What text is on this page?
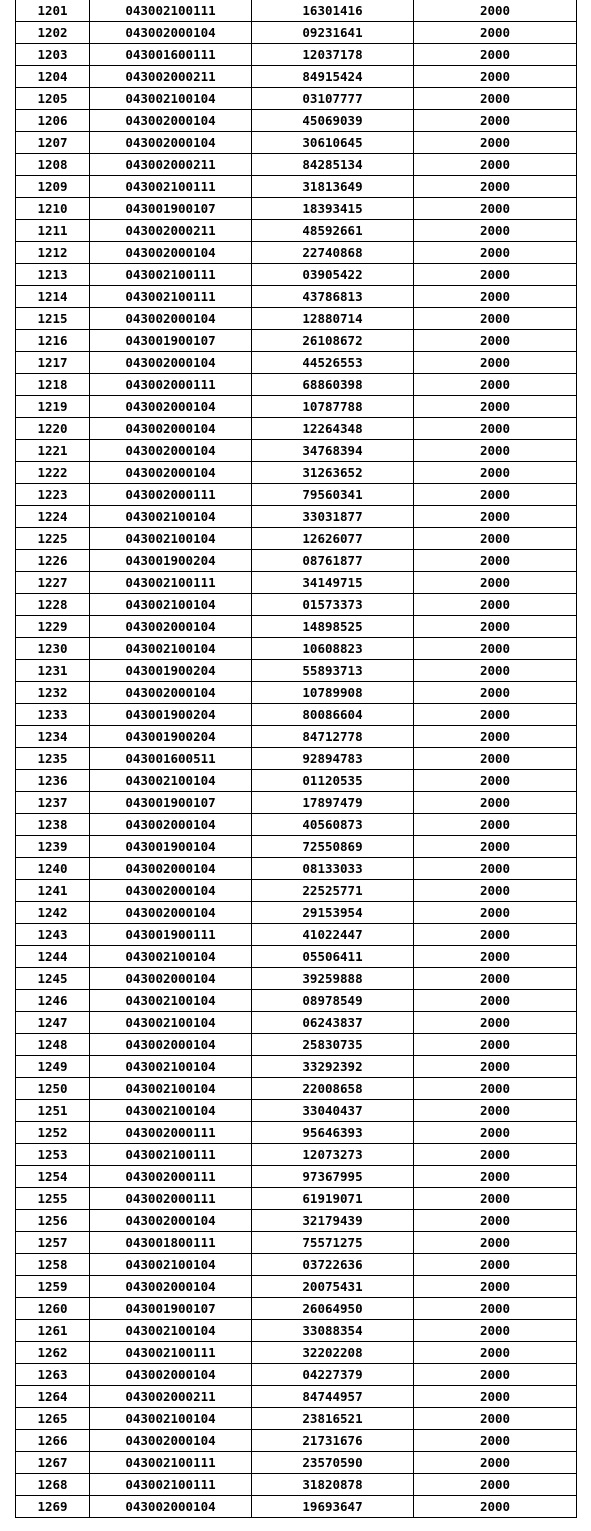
1201	043002100111	16301416	2000
1202	043002000104	09231641	2000
1203	043001600111	12037178	2000
1204	043002000211	84915424	2000
1205	043002100104	03107777	2000
1206	043002000104	45069039	2000
1207	043002000104	30610645	2000
1208	043002000211	84285134	2000
1209	043002100111	31813649	2000
1210	043001900107	18393415	2000
1211	043002000211	48592661	2000
1212	043002000104	22740868	2000
1213	043002100111	03905422	2000
1214	043002100111	43786813	2000
1215	043002000104	12880714	2000
1216	043001900107	26108672	2000
1217	043002000104	44526553	2000
1218	043002000111	68860398	2000
1219	043002000104	10787788	2000
1220	043002000104	12264348	2000
1221	043002000104	34768394	2000
1222	043002000104	31263652	2000
1223	043002000111	79560341	2000
1224	043002100104	33031877	2000
1225	043002100104	12626077	2000
1226	043001900204	08761877	2000
1227	043002100111	34149715	2000
1228	043002100104	01573373	2000
1229	043002000104	14898525	2000
1230	043002100104	10608823	2000
1231	043001900204	55893713	2000
1232	043002000104	10789908	2000
1233	043001900204	80086604	2000
1234	043001900204	84712778	2000
1235	043001600511	92894783	2000
1236	043002100104	01120535	2000
1237	043001900107	17897479	2000
1238	043002000104	40560873	2000
1239	043001900104	72550869	2000
1240	043002000104	08133033	2000
1241	043002000104	22525771	2000
1242	043002000104	29153954	2000
1243	043001900111	41022447	2000
1244	043002100104	05506411	2000
1245	043002000104	39259888	2000
1246	043002100104	08978549	2000
1247	043002100104	06243837	2000
1248	043002000104	25830735	2000
1249	043002100104	33292392	2000
1250	043002100104	22008658	2000
1251	043002100104	33040437	2000
1252	043002000111	95646393	2000
1253	043002100111	12073273	2000
1254	043002000111	97367995	2000
1255	043002000111	61919071	2000
1256	043002000104	32179439	2000
1257	043001800111	75571275	2000
1258	043002100104	03722636	2000
1259	043002000104	20075431	2000
1260	043001900107	26064950	2000
1261	043002100104	33088354	2000
1262	043002100111	32202208	2000
1263	043002000104	04227379	2000
1264	043002000211	84744957	2000
1265	043002100104	23816521	2000
1266	043002000104	21731676	2000
1267	043002100111	23570590	2000
1268	043002100111	31820878	2000
1269	043002000104	19693647	2000
